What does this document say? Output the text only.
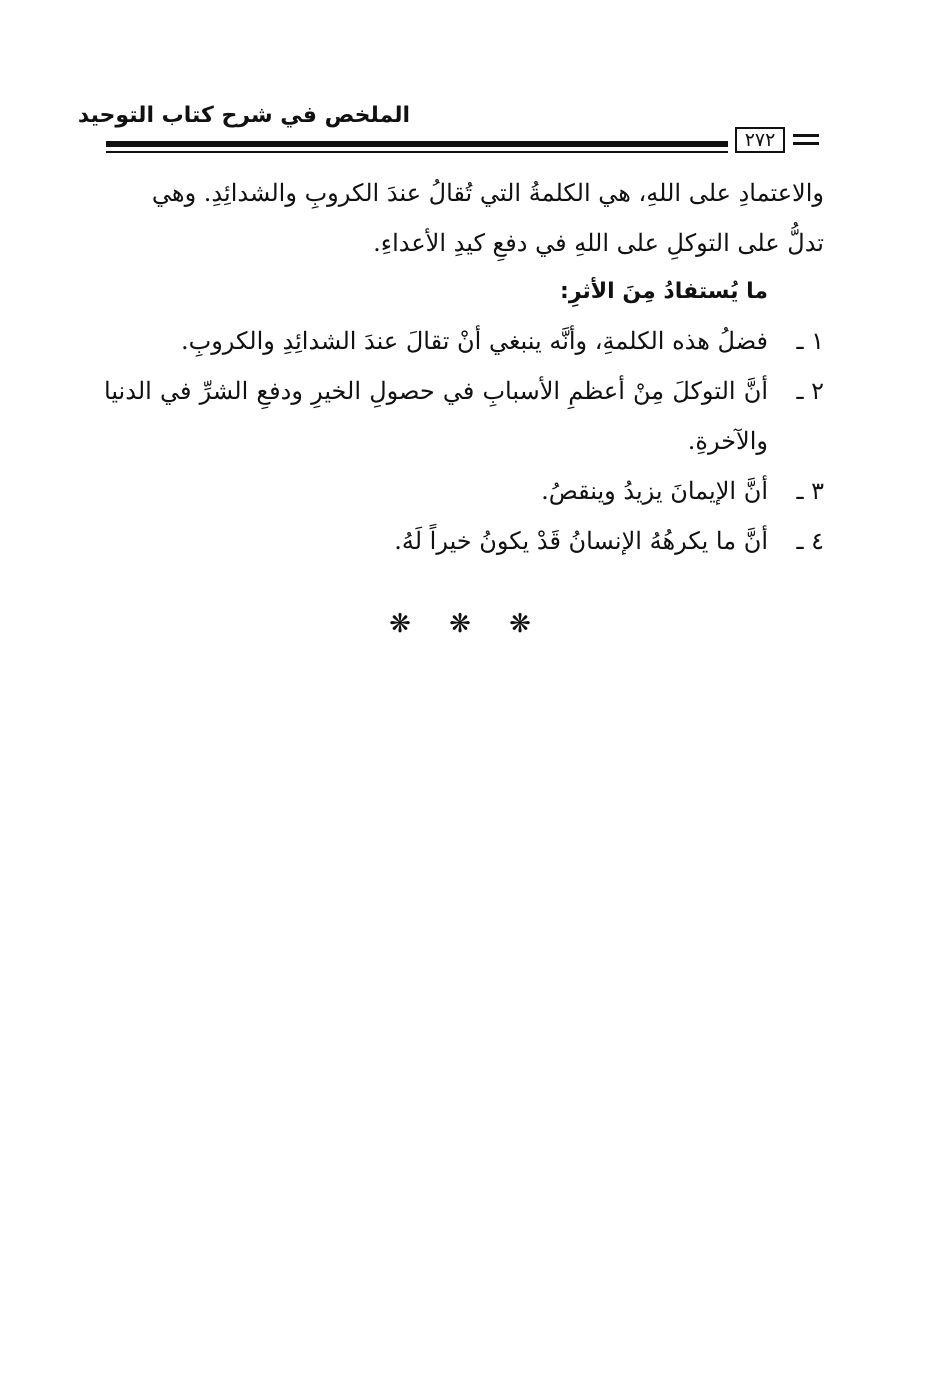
الملخص في شرح كتاب التوحيد
٢٧٢

والاعتمادِ على اللهِ، هي الكلمةُ التي تُقالُ عندَ الكروبِ والشدائِدِ. وهي

تدلُّ على التوكلِ على اللهِ في دفعِ كيدِ الأعداءِ.

ما يُستفادُ مِنَ الأثرِ:

١ ـ
فضلُ هذه الكلمةِ، وأنَّه ينبغي أنْ تقالَ عندَ الشدائِدِ والكروبِ.
٢ ـ
أنَّ التوكلَ مِنْ أعظمِ الأسبابِ في حصولِ الخيرِ ودفعِ الشرِّ في الدنيا والآخرةِ.
٣ ـ
أنَّ الإيمانَ يزيدُ وينقصُ.
٤ ـ
أنَّ ما يكرهُهُ الإنسانُ قَدْ يكونُ خيراً لَهُ.
❋	❋	❋
